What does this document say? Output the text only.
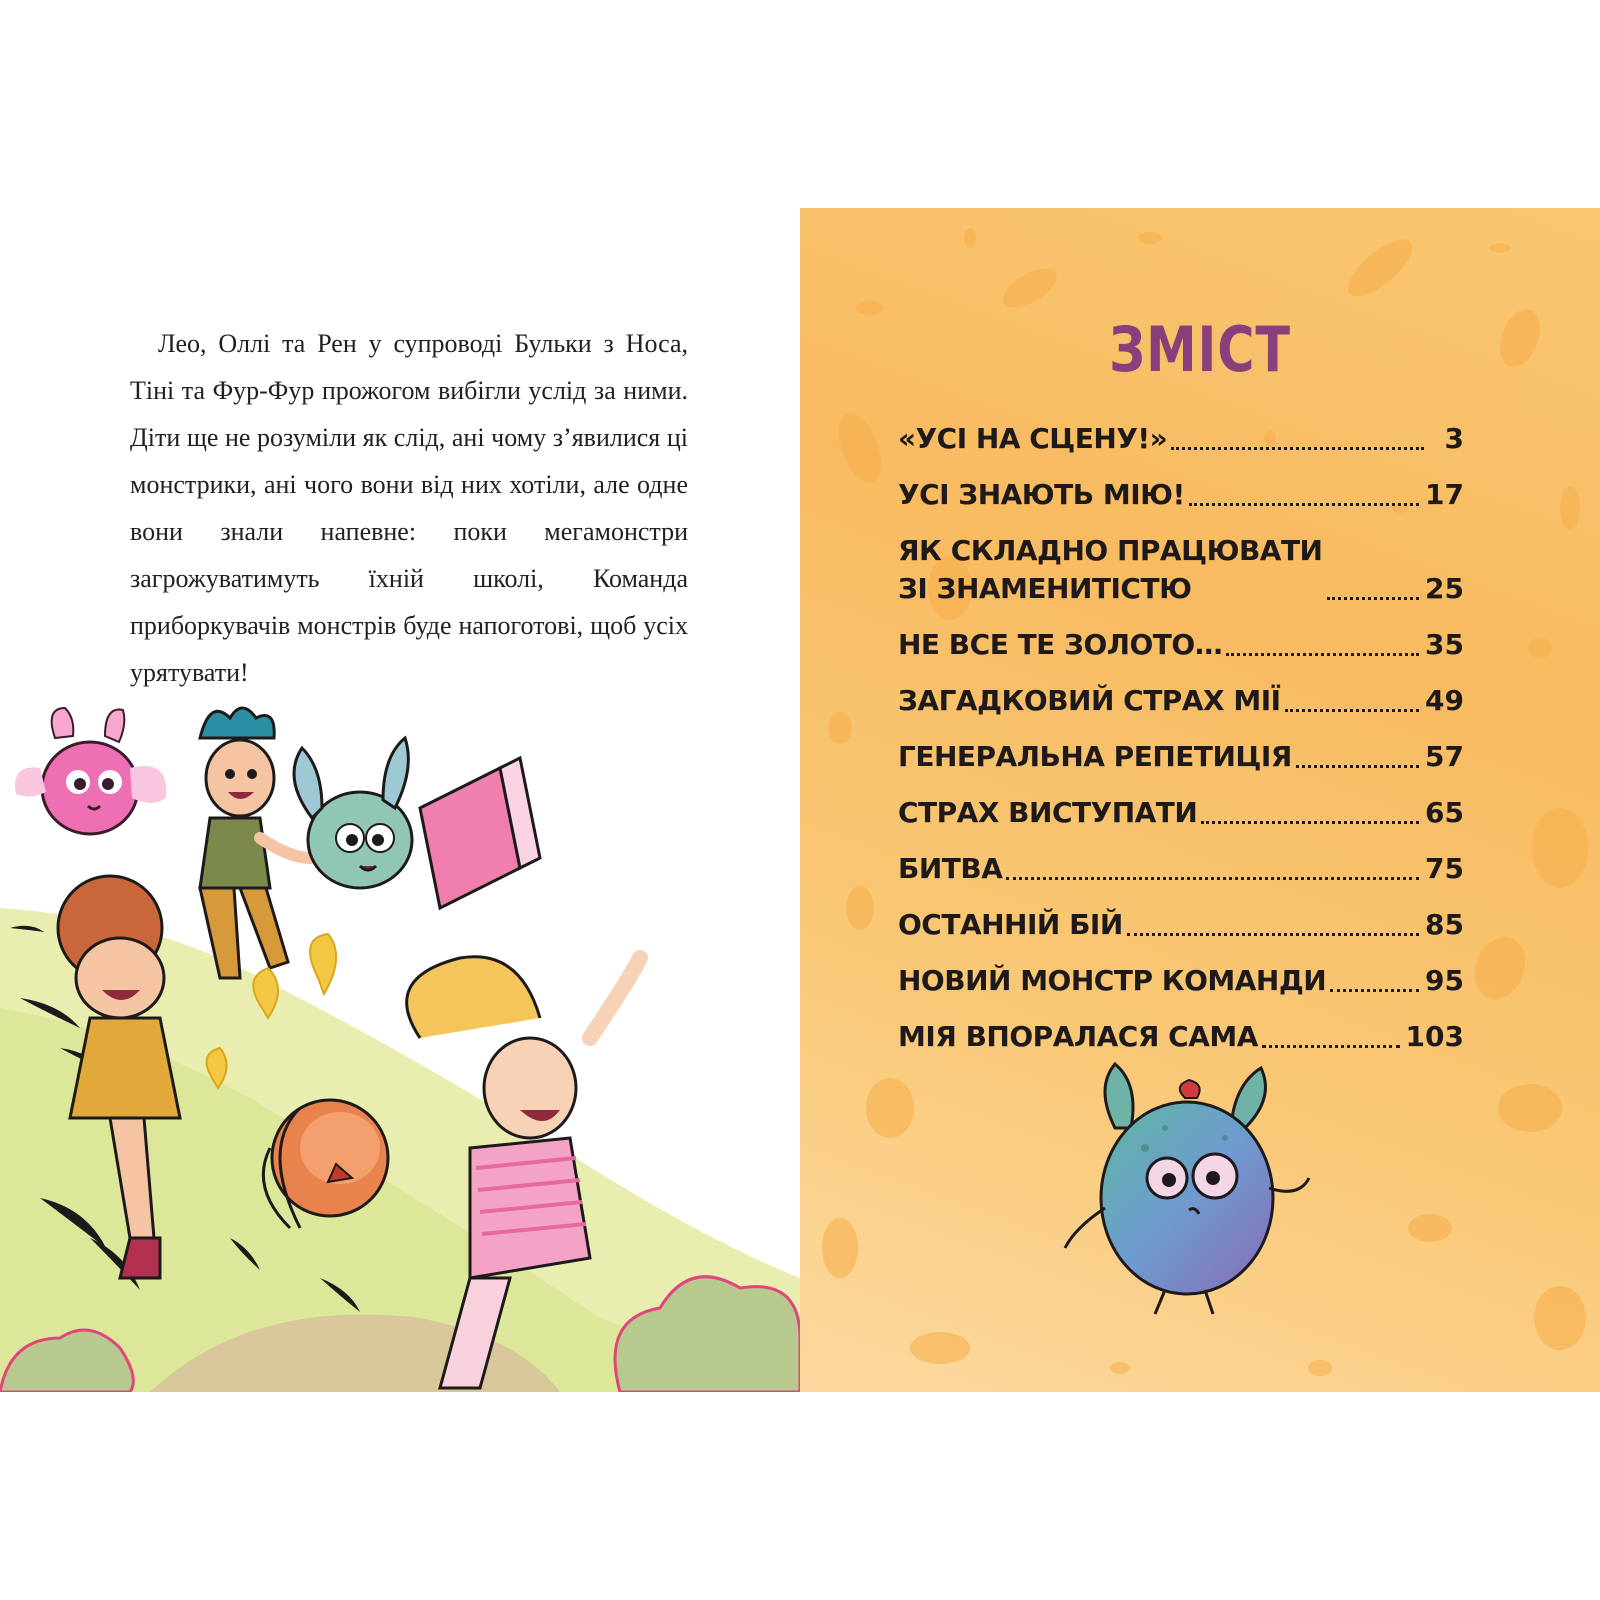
Лео, Оллі та Рен у супроводі Бульки з Носа, Тіні та Фур-Фур прожогом вибігли услід за ними. Діти ще не розуміли як слід, ані чому з’явилися ці монстрики, ані чого вони від них хотіли, але одне вони знали напевне: поки мегамонстри загрожуватимуть їхній школі, Команда приборкувачів монстрів буде напоготові, щоб усіх урятувати!

ЗМІСТ
«УСІ НА СЦЕНУ!»	3
УСІ ЗНАЮТЬ МІЮ!	17
ЯК СКЛАДНО ПРАЦЮВАТИ
ЗІ ЗНАМЕНИТІСТЮ	25
НЕ ВСЕ ТЕ ЗОЛОТО…	35
ЗАГАДКОВИЙ СТРАХ МІЇ	49
ГЕНЕРАЛЬНА РЕПЕТИЦІЯ	57
СТРАХ ВИСТУПАТИ	65
БИТВА	75
ОСТАННІЙ БІЙ	85
НОВИЙ МОНСТР КОМАНДИ	95
МІЯ ВПОРАЛАСЯ САМА	103
